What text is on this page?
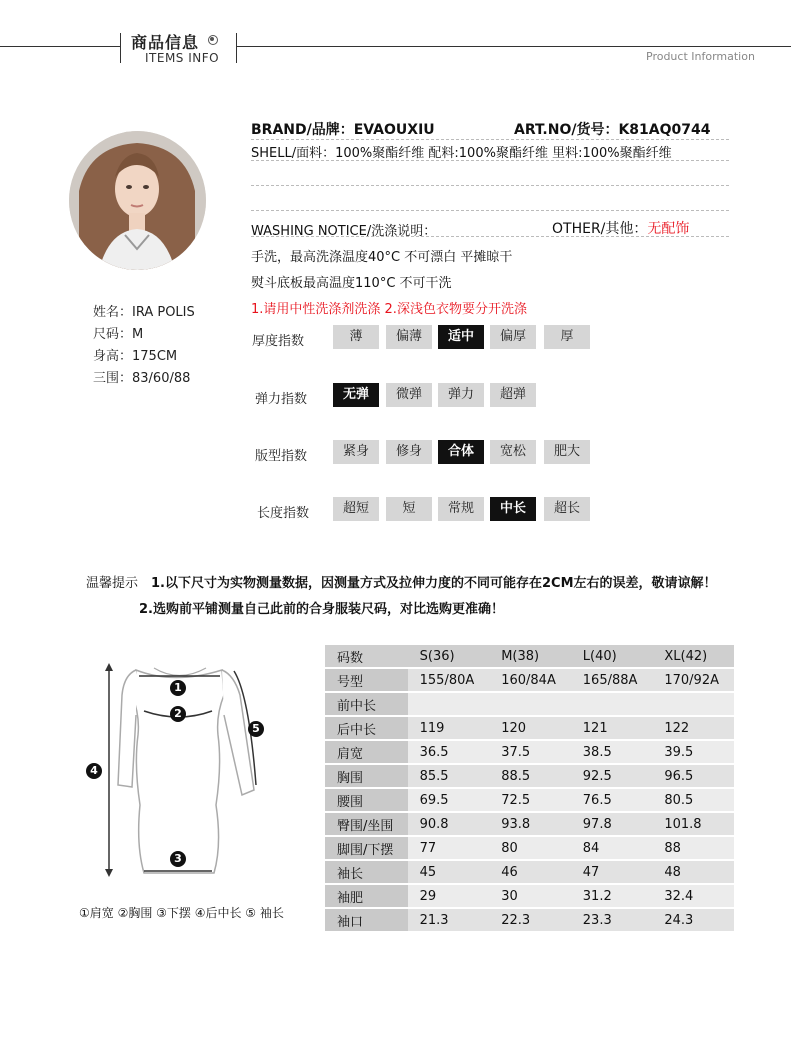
商品信息
ITEMS INFO	Product Information
姓名：IRA POLIS
尺码：M
身高：175CM
三围：83/60/88
BRAND/品牌：EVAOUXIU	ART.NO/货号：K81AQ0744
SHELL/面料：100%聚酯纤维 配料:100%聚酯纤维 里料:100%聚酯纤维
WASHING NOTICE/洗涤说明：	OTHER/其他：无配饰
手洗，最高洗涤温度40°C 不可漂白 平摊晾干
熨斗底板最高温度110°C 不可干洗
1.请用中性洗涤剂洗涤 2.深浅色衣物要分开洗涤
厚度指数	薄	偏薄	适中	偏厚	厚
弹力指数	无弹	微弹	弹力	超弹
版型指数	紧身	修身	合体	宽松	肥大
长度指数	超短	短	常规	中长	超长
温馨提示 1.以下尺寸为实物测量数据，因测量方式及拉伸力度的不同可能存在2CM左右的误差，敬请谅解！
2.选购前平铺测量自己此前的合身服装尺码，对比选购更准确！
1
2
3
4
5
①肩宽 ②胸围 ③下摆 ④后中长 ⑤ 袖长
码数	S(36)	M(38)	L(40)	XL(42)
号型	155/80A	160/84A	165/88A	170/92A
前中长				
后中长	119	120	121	122
肩宽	36.5	37.5	38.5	39.5
胸围	85.5	88.5	92.5	96.5
腰围	69.5	72.5	76.5	80.5
臀围/坐围	90.8	93.8	97.8	101.8
脚围/下摆	77	80	84	88
袖长	45	46	47	48
袖肥	29	30	31.2	32.4
袖口	21.3	22.3	23.3	24.3
